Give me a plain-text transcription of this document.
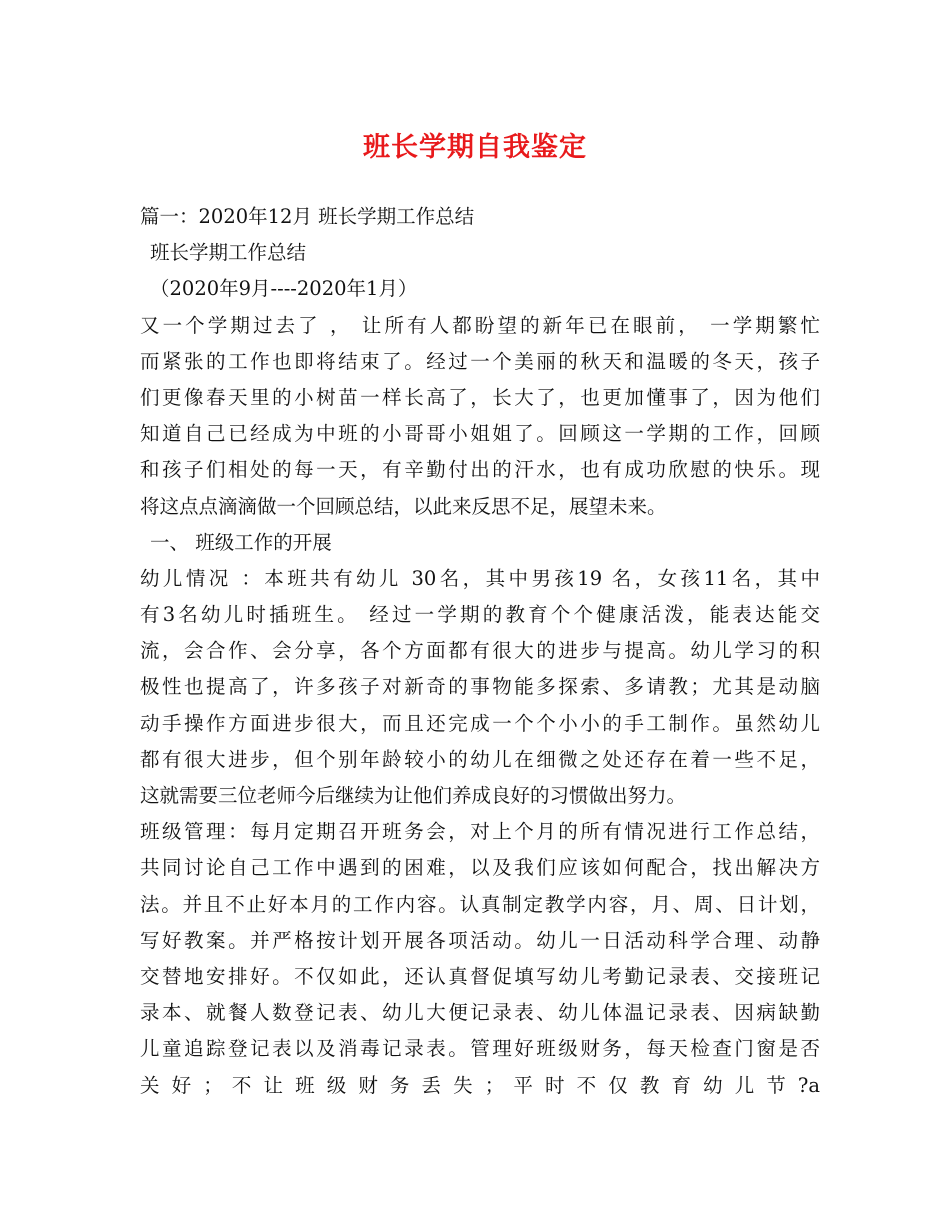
班长学期自我鉴定
篇一：2020年12月 班长学期工作总结
班长学期工作总结
（2020年9月----2020年1月）
又一个学期过去了 ， 让所有人都盼望的新年已在眼前， 一学期繁忙
而紧张的工作也即将结束了。经过一个美丽的秋天和温暖的冬天，孩子
们更像春天里的小树苗一样长高了，长大了，也更加懂事了，因为他们
知道自己已经成为中班的小哥哥小姐姐了。回顾这一学期的工作，回顾
和孩子们相处的每一天，有辛勤付出的汗水，也有成功欣慰的快乐。现
将这点点滴滴做一个回顾总结，以此来反思不足，展望未来。
一、 班级工作的开展
幼儿情况 ：本班共有幼儿 30名，其中男孩19 名，女孩11名，其中
有3名幼儿时插班生。 经过一学期的教育个个健康活泼，能表达能交
流，会合作、会分享，各个方面都有很大的进步与提高。幼儿学习的积
极性也提高了，许多孩子对新奇的事物能多探索、多请教；尤其是动脑
动手操作方面进步很大，而且还完成一个个小小的手工制作。虽然幼儿
都有很大进步，但个别年龄较小的幼儿在细微之处还存在着一些不足，
这就需要三位老师今后继续为让他们养成良好的习惯做出努力。
班级管理：每月定期召开班务会，对上个月的所有情况进行工作总结，
共同讨论自己工作中遇到的困难，以及我们应该如何配合，找出解决方
法。并且不止好本月的工作内容。认真制定教学内容，月、周、日计划，
写好教案。并严格按计划开展各项活动。幼儿一日活动科学合理、动静
交替地安排好。不仅如此，还认真督促填写幼儿考勤记录表、交接班记
录本、就餐人数登记表、幼儿大便记录表、幼儿体温记录表、因病缺勤
儿童追踪登记表以及消毒记录表。管理好班级财务，每天检查门窗是否
关 好 ； 不 让 班 级 财 务 丢 失 ； 平 时 不 仅 教 育 幼 儿 节 ?a
